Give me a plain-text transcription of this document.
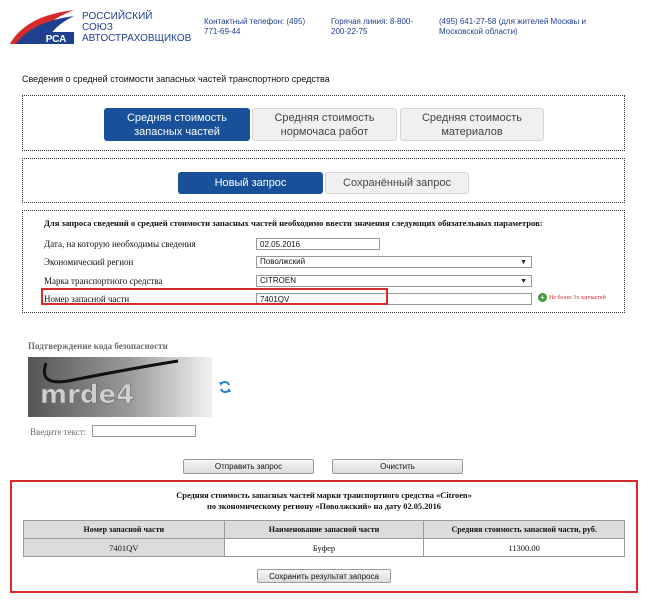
РСА
РОССИЙСКИЙ
СОЮЗ
АВТОСТРАХОВЩИКОВ
Контактный телефон: (495)
771-69-44
Горячая линия: 8-800-
200-22-75
(495) 641-27-58 (для жителей Москвы и
Московской области)
Сведения о средней стоимости запасных частей транспортного средства
Средняя стоимость
запасных частей
Средняя стоимость
нормочаса работ
Средняя стоимость
материалов
Новый запрос	Сохранённый запрос
Для запроса сведений о средней стоимости запасных частей необходимо ввести значения следующих обязательных параметров:
Дата, на которую необходимы сведения
02.05.2016
Экономический регион	Поволжский	▼
Марка транспортного средства	CITROEN	▼
Номер запасной части
7401QV	+ Не более 3х запчастей
Подтверждение кода безопасности
mrde4
Введите текст:
Отправить запрос	Очистить
Средняя стоимость запасных частей марки транспортного средства «Citroen»
по экономическому региону «Поволжский» на дату 02.05.2016
Номер запасной части	Наименование запасной части	Средняя стоимость запасной части, руб.
7401QV	Буфер	11300.00
Сохранить результат запроса
